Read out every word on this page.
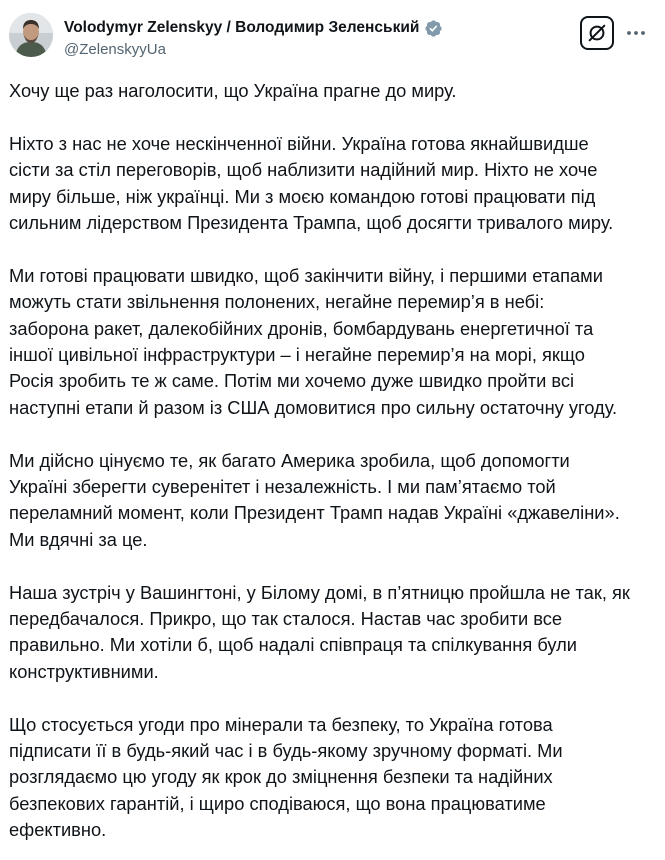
Volodymyr Zelenskyy / Володимир Зеленський
@ZelenskyyUa
Хочу ще раз наголосити, що Україна прагне до миру.
Ніхто з нас не хоче нескінченної війни. Україна готова якнайшвидше
сісти за стіл переговорів, щоб наблизити надійний мир. Ніхто не хоче
миру більше, ніж українці. Ми з моєю командою готові працювати під
сильним лідерством Президента Трампа, щоб досягти тривалого миру.
Ми готові працювати швидко, щоб закінчити війну, і першими етапами
можуть стати звільнення полонених, негайне перемир’я в небі:
заборона ракет, далекобійних дронів, бомбардувань енергетичної та
іншої цивільної інфраструктури – і негайне перемир’я на морі, якщо
Росія зробить те ж саме. Потім ми хочемо дуже швидко пройти всі
наступні етапи й разом із США домовитися про сильну остаточну угоду.
Ми дійсно цінуємо те, як багато Америка зробила, щоб допомогти
Україні зберегти суверенітет і незалежність. І ми пам’ятаємо той
переламний момент, коли Президент Трамп надав Україні «джавеліни».
Ми вдячні за це.
Наша зустріч у Вашингтоні, у Білому домі, в п’ятницю пройшла не так, як
передбачалося. Прикро, що так сталося. Настав час зробити все
правильно. Ми хотіли б, щоб надалі співпраця та спілкування були
конструктивними.
Що стосується угоди про мінерали та безпеку, то Україна готова
підписати її в будь-який час і в будь-якому зручному форматі. Ми
розглядаємо цю угоду як крок до зміцнення безпеки та надійних
безпекових гарантій, і щиро сподіваюся, що вона працюватиме
ефективно.
